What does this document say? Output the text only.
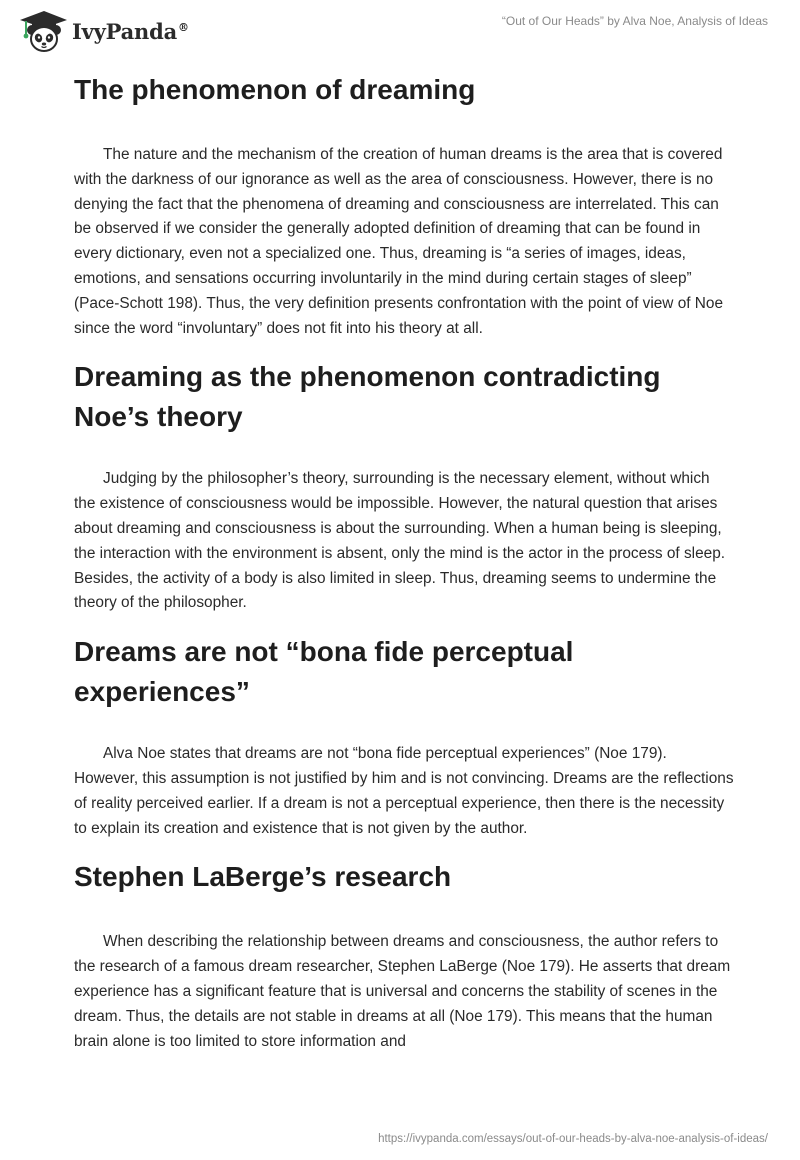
IvyPanda®	“Out of Our Heads” by Alva Noe, Analysis of Ideas
The phenomenon of dreaming

The nature and the mechanism of the creation of human dreams is the area that is covered with the darkness of our ignorance as well as the area of consciousness. However, there is no denying the fact that the phenomena of dreaming and consciousness are interrelated. This can be observed if we consider the generally adopted definition of dreaming that can be found in every dictionary, even not a specialized one. Thus, dreaming is “a series of images, ideas, emotions, and sensations occurring involuntarily in the mind during certain stages of sleep” (Pace-Schott 198). Thus, the very definition presents confrontation with the point of view of Noe since the word “involuntary” does not fit into his theory at all.

Dreaming as the phenomenon contradicting Noe’s theory

Judging by the philosopher’s theory, surrounding is the necessary element, without which the existence of consciousness would be impossible. However, the natural question that arises about dreaming and consciousness is about the surrounding. When a human being is sleeping, the interaction with the environment is absent, only the mind is the actor in the process of sleep. Besides, the activity of a body is also limited in sleep. Thus, dreaming seems to undermine the theory of the philosopher.

Dreams are not “bona fide perceptual experiences”

Alva Noe states that dreams are not “bona fide perceptual experiences” (Noe 179). However, this assumption is not justified by him and is not convincing. Dreams are the reflections of reality perceived earlier. If a dream is not a perceptual experience, then there is the necessity to explain its creation and existence that is not given by the author.

Stephen LaBerge’s research

When describing the relationship between dreams and consciousness, the author refers to the research of a famous dream researcher, Stephen LaBerge (Noe 179). He asserts that dream experience has a significant feature that is universal and concerns the stability of scenes in the dream. Thus, the details are not stable in dreams at all (Noe 179). This means that the human brain alone is too limited to store information and

https://ivypanda.com/essays/out-of-our-heads-by-alva-noe-analysis-of-ideas/
